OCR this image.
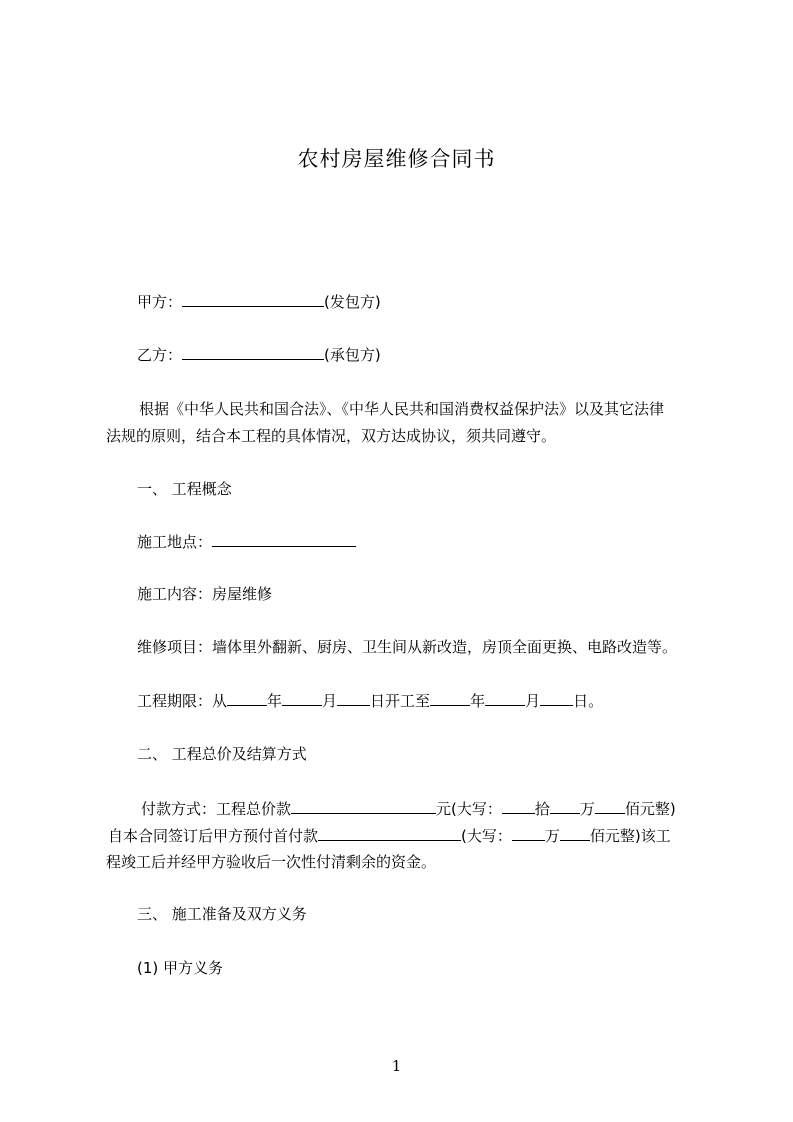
农村房屋维修合同书
甲方：	(发包方)
乙方：	(承包方)
根据《中华人民共和国合法》、《中华人民共和国消费权益保护法》以及其它法律
法规的原则，结合本工程的具体情况，双方达成协议，须共同遵守。
一、 工程概念
施工地点：
施工内容：房屋维修
维修项目：墙体里外翻新、厨房、卫生间从新改造，房顶全面更换、电路改造等。
工程期限：从	年	月 日开工至	年	月 日。
二、 工程总价及结算方式
付款方式：工程总价款	元(大写： 拾 万 佰元整)
自本合同签订后甲方预付首付款	(大写： 万 佰元整)该工
程竣工后并经甲方验收后一次性付清剩余的资金。
三、 施工准备及双方义务
(1) 甲方义务
1
